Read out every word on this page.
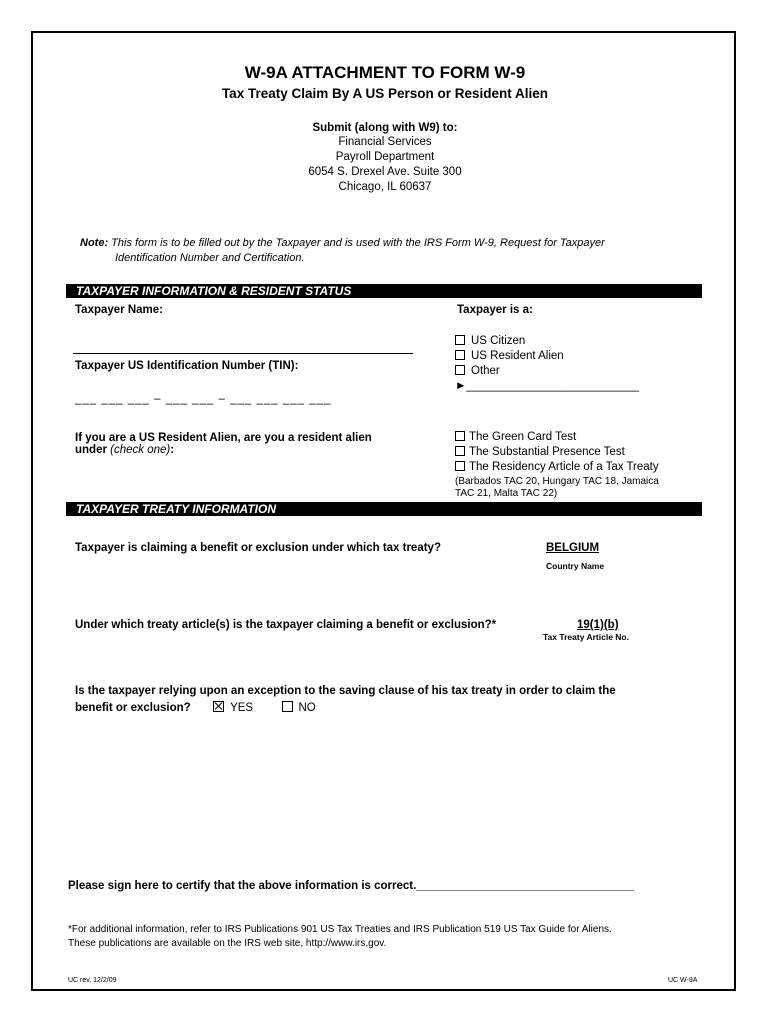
W-9A ATTACHMENT TO FORM W-9
Tax Treaty Claim By A US Person or Resident Alien
Submit (along with W9) to:
Financial Services
Payroll Department
6054 S. Drexel Ave. Suite 300
Chicago, IL 60637
Note: This form is to be filled out by the Taxpayer and is used with the IRS Form W-9, Request for Taxpayer
Identification Number and Certification.
TAXPAYER INFORMATION & RESIDENT STATUS
Taxpayer Name:	Taxpayer is a:
US Citizen
US Resident Alien
Other
►___________________________
Taxpayer US Identification Number (TIN):
___ ___ ___ – ___ ___ – ___ ___ ___ ___
If you are a US Resident Alien, are you a resident alien
under (check one):
The Green Card Test
The Substantial Presence Test
The Residency Article of a Tax Treaty
(Barbados TAC 20, Hungary TAC 18, Jamaica
TAC 21, Malta TAC 22)
TAXPAYER TREATY INFORMATION
Taxpayer is claiming a benefit or exclusion under which tax treaty?	BELGIUM
Country Name
Under which treaty article(s) is the taxpayer claiming a benefit or exclusion?*	19(1)(b)
Tax Treaty Article No.
Is the taxpayer relying upon an exception to the saving clause of his tax treaty in order to claim the
benefit or exclusion?	YES	NO
Please sign here to certify that the above information is correct.__________________________________
*For additional information, refer to IRS Publications 901 US Tax Treaties and IRS Publication 519 US Tax Guide for Aliens.
These publications are available on the IRS web site, http://www.irs.gov.
UC rev. 12/2/09	UC W-9A
